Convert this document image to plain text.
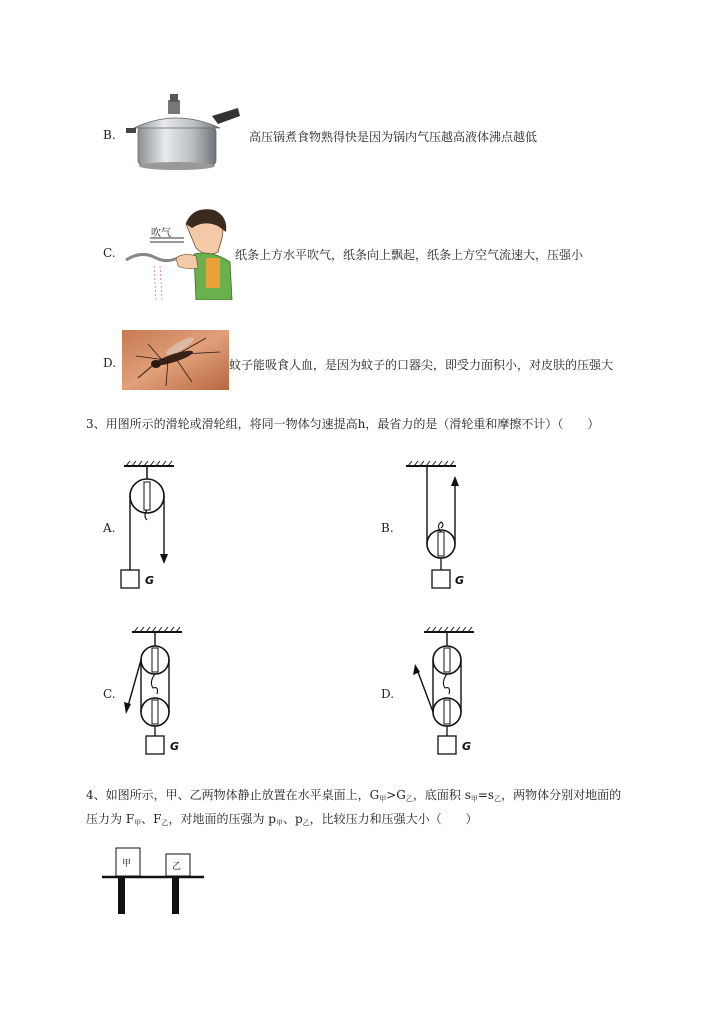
B.	高压锅煮食物熟得快是因为锅内气压越高液体沸点越低
C.
吹气
纸条上方水平吹气，纸条向上飘起，纸条上方空气流速大，压强小
D.	蚊子能吸食人血，是因为蚊子的口器尖，即受力面积小，对皮肤的压强大
3、用图所示的滑轮或滑轮组，将同一物体匀速提高h，最省力的是（滑轮重和摩擦不计）（　　）
A.
G
B.
G
C.
G
D.
G
4、如图所示，甲、乙两物体静止放置在水平桌面上，$G_甲>G_乙$，底面积 $s_甲=s_乙$，两物体分别对地面的
压力为 $F_甲$、$F_乙$，对地面的压强为 $p_甲$、$p_乙$，比较压力和压强大小（　　）
甲	乙
